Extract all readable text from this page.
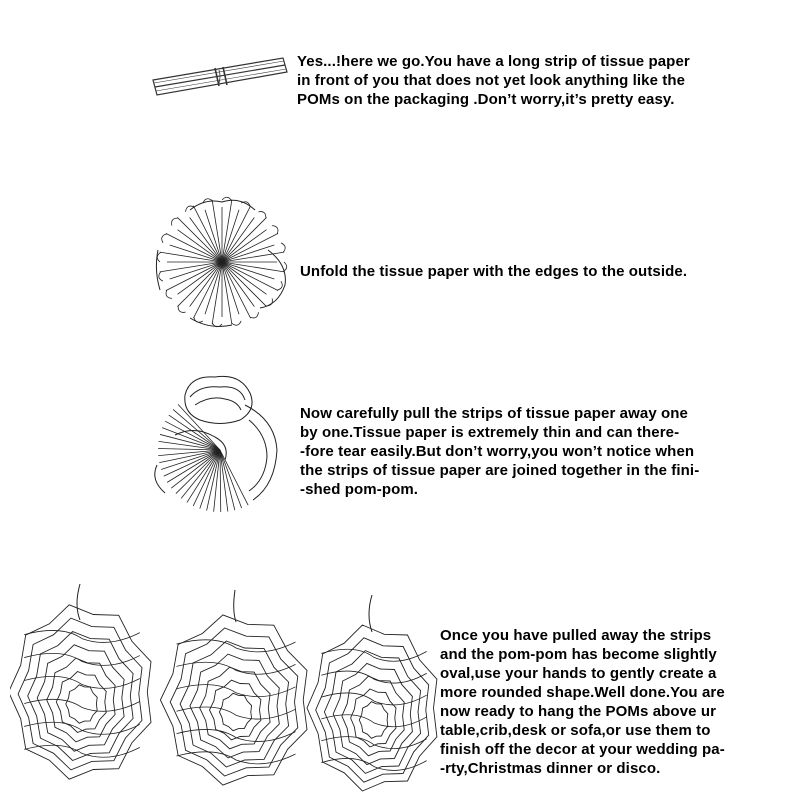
Yes...!here we go.You have a long strip of tissue paper
in front of you that does not yet look anything like the
POMs on the packaging .Don’t worry,it’s pretty easy.
Unfold the tissue paper with the edges to the outside.
Now carefully pull the strips of tissue paper away one
by one.Tissue paper is extremely thin and can there-
-fore tear easily.But don’t worry,you won’t notice when
the strips of tissue paper are joined together in the fini-
-shed pom-pom.
Once you have pulled away the strips
and the pom-pom has become slightly
oval,use your hands to gently create a
more rounded shape.Well done.You are
now ready to hang the POMs above ur
table,crib,desk or sofa,or use them to
finish off the decor at your wedding pa-
-rty,Christmas dinner or disco.
